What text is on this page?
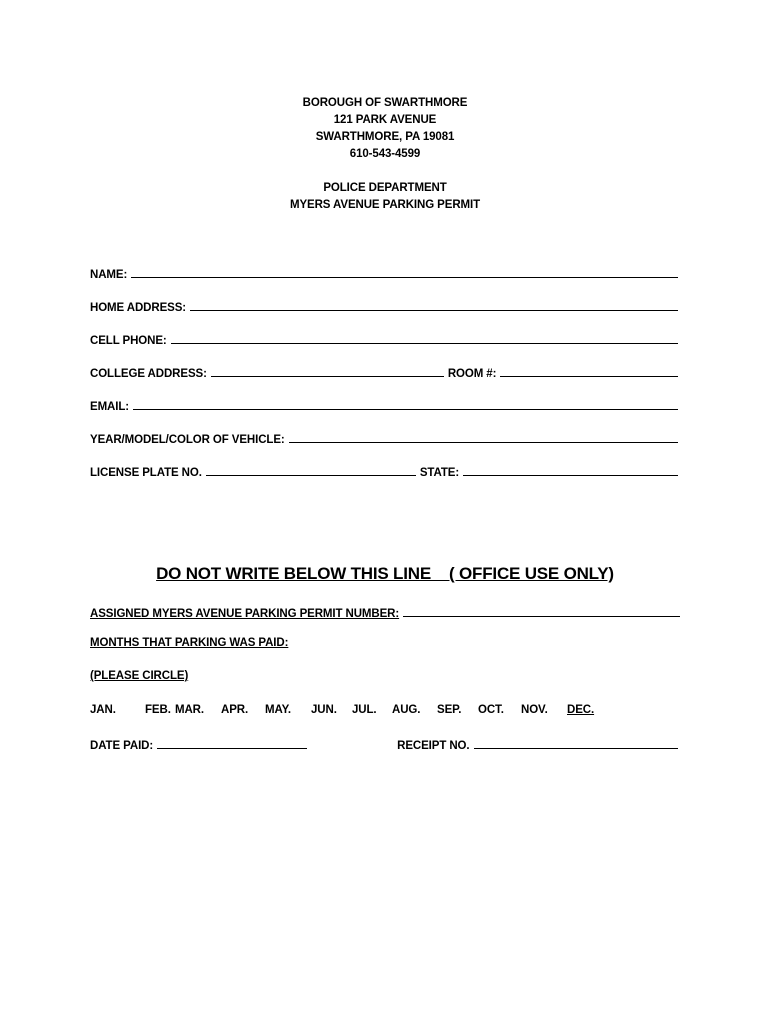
BOROUGH OF SWARTHMORE
121 PARK AVENUE
SWARTHMORE, PA 19081
610-543-4599
POLICE DEPARTMENT
MYERS AVENUE PARKING PERMIT
NAME:
HOME ADDRESS:
CELL PHONE:
COLLEGE ADDRESS:	ROOM #:
EMAIL:
YEAR/MODEL/COLOR OF VEHICLE:
LICENSE PLATE NO.	STATE:
DO NOT WRITE BELOW THIS LINE    ( OFFICE USE ONLY)
ASSIGNED MYERS AVENUE PARKING PERMIT NUMBER:
MONTHS THAT PARKING WAS PAID:
(PLEASE CIRCLE)
JAN.	FEB. MAR.	APR.	MAY.	JUN.	JUL.	AUG.	SEP.	OCT.	NOV.	DEC.
DATE PAID:	RECEIPT NO.
